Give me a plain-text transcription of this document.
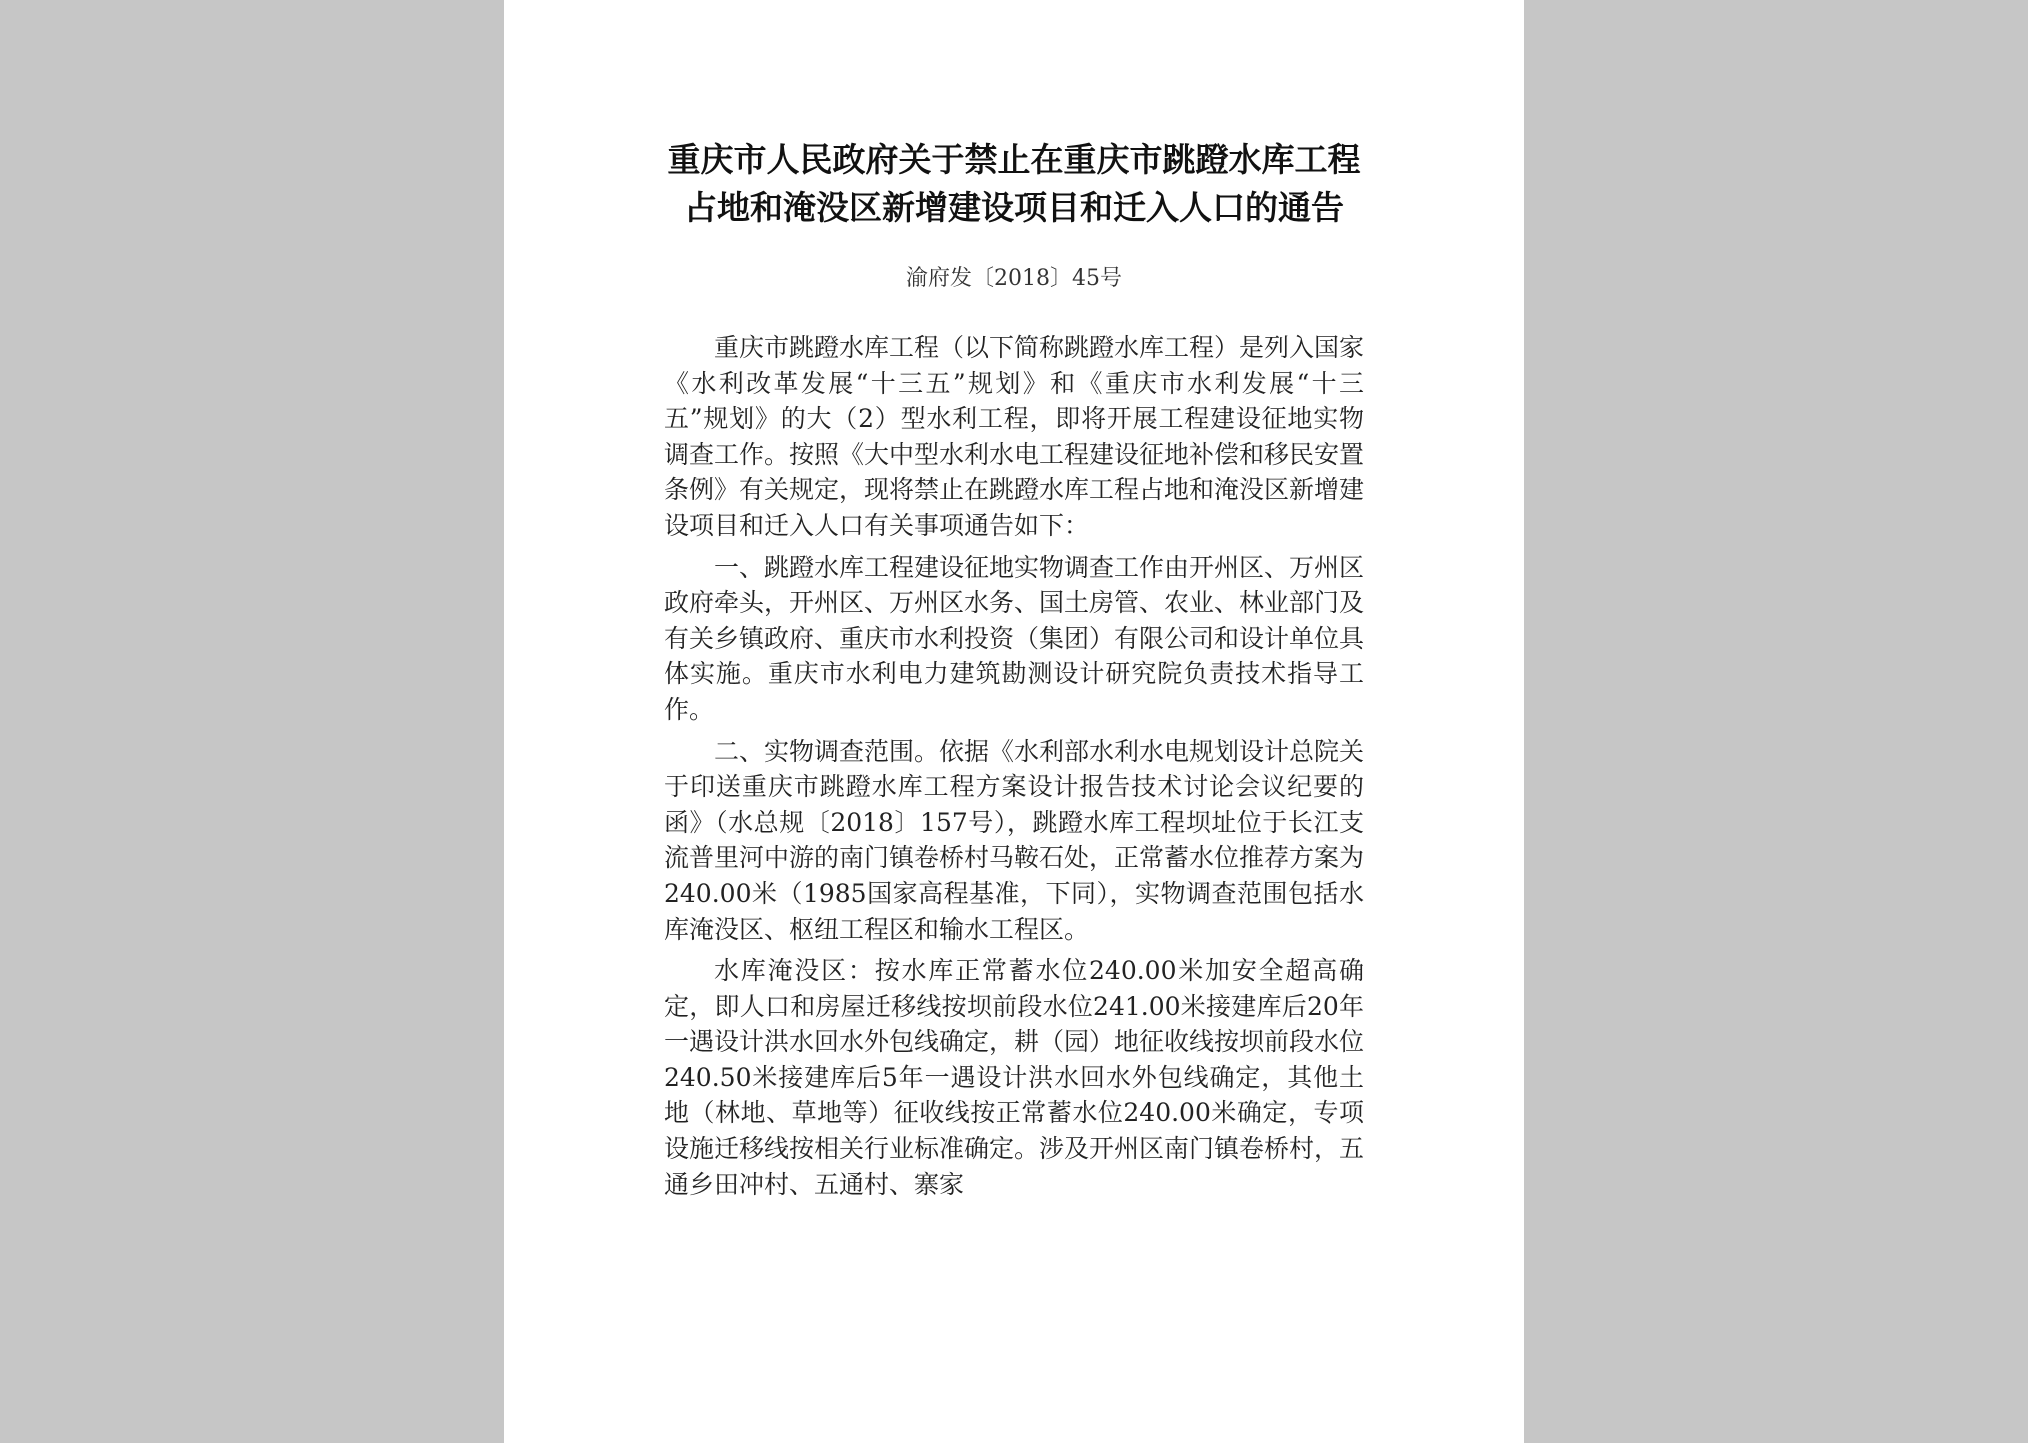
重庆市人民政府关于禁止在重庆市跳蹬水库工程
占地和淹没区新增建设项目和迁入人口的通告
渝府发〔2018〕45号

重庆市跳蹬水库工程（以下简称跳蹬水库工程）是列入国家《水利改革发展“十三五”规划》和《重庆市水利发展“十三五”规划》的大（2）型水利工程，即将开展工程建设征地实物调查工作。按照《大中型水利水电工程建设征地补偿和移民安置条例》有关规定，现将禁止在跳蹬水库工程占地和淹没区新增建设项目和迁入人口有关事项通告如下：

一、跳蹬水库工程建设征地实物调查工作由开州区、万州区政府牵头，开州区、万州区水务、国土房管、农业、林业部门及有关乡镇政府、重庆市水利投资（集团）有限公司和设计单位具体实施。重庆市水利电力建筑勘测设计研究院负责技术指导工作。

二、实物调查范围。依据《水利部水利水电规划设计总院关于印送重庆市跳蹬水库工程方案设计报告技术讨论会议纪要的函》（水总规〔2018〕157号），跳蹬水库工程坝址位于长江支流普里河中游的南门镇卷桥村马鞍石处，正常蓄水位推荐方案为240.00米（1985国家高程基准，下同），实物调查范围包括水库淹没区、枢纽工程区和输水工程区。

水库淹没区：按水库正常蓄水位240.00米加安全超高确定，即人口和房屋迁移线按坝前段水位241.00米接建库后20年一遇设计洪水回水外包线确定，耕（园）地征收线按坝前段水位240.50米接建库后5年一遇设计洪水回水外包线确定，其他土地（林地、草地等）征收线按正常蓄水位240.00米确定，专项设施迁移线按相关行业标准确定。涉及开州区南门镇卷桥村，五通乡田冲村、五通村、寨家
